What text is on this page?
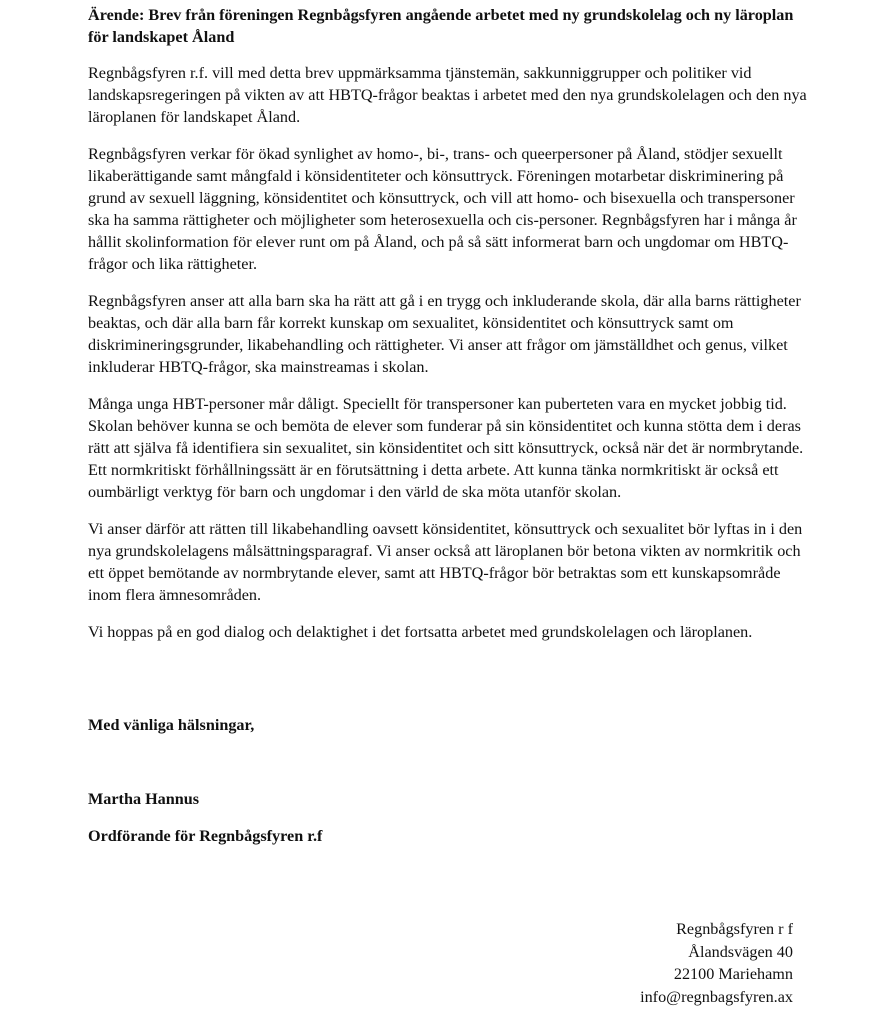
Ärende: Brev från föreningen Regnbågsfyren angående arbetet med ny grundskolelag och ny läroplan för landskapet Åland

Regnbågsfyren r.f. vill med detta brev uppmärksamma tjänstemän, sakkunniggrupper och politiker vid landskapsregeringen på vikten av att HBTQ-frågor beaktas i arbetet med den nya grundskolelagen och den nya läroplanen för landskapet Åland.

Regnbågsfyren verkar för ökad synlighet av homo-, bi-, trans- och queerpersoner på Åland, stödjer sexuellt likaberättigande samt mångfald i könsidentiteter och könsuttryck. Föreningen motarbetar diskriminering på grund av sexuell läggning, könsidentitet och könsuttryck, och vill att homo- och bisexuella och transpersoner ska ha samma rättigheter och möjligheter som heterosexuella och cis-personer. Regnbågsfyren har i många år hållit skolinformation för elever runt om på Åland, och på så sätt informerat barn och ungdomar om HBTQ-frågor och lika rättigheter.

Regnbågsfyren anser att alla barn ska ha rätt att gå i en trygg och inkluderande skola, där alla barns rättigheter beaktas, och där alla barn får korrekt kunskap om sexualitet, könsidentitet och könsuttryck samt om diskrimineringsgrunder, likabehandling och rättigheter. Vi anser att frågor om jämställdhet och genus, vilket inkluderar HBTQ-frågor, ska mainstreamas i skolan.

Många unga HBT-personer mår dåligt. Speciellt för transpersoner kan puberteten vara en mycket jobbig tid. Skolan behöver kunna se och bemöta de elever som funderar på sin könsidentitet och kunna stötta dem i deras rätt att själva få identifiera sin sexualitet, sin könsidentitet och sitt könsuttryck, också när det är normbrytande. Ett normkritiskt förhållningssätt är en förutsättning i detta arbete. Att kunna tänka normkritiskt är också ett oumbärligt verktyg för barn och ungdomar i den värld de ska möta utanför skolan.

Vi anser därför att rätten till likabehandling oavsett könsidentitet, könsuttryck och sexualitet bör lyftas in i den nya grundskolelagens målsättningsparagraf. Vi anser också att läroplanen bör betona vikten av normkritik och ett öppet bemötande av normbrytande elever, samt att HBTQ-frågor bör betraktas som ett kunskapsområde inom flera ämnesområden.

Vi hoppas på en god dialog och delaktighet i det fortsatta arbetet med grundskolelagen och läroplanen.

Med vänliga hälsningar,

Martha Hannus

Ordförande för Regnbågsfyren r.f

Regnbågsfyren r f
Ålandsvägen 40
22100 Mariehamn
info@regnbagsfyren.ax
